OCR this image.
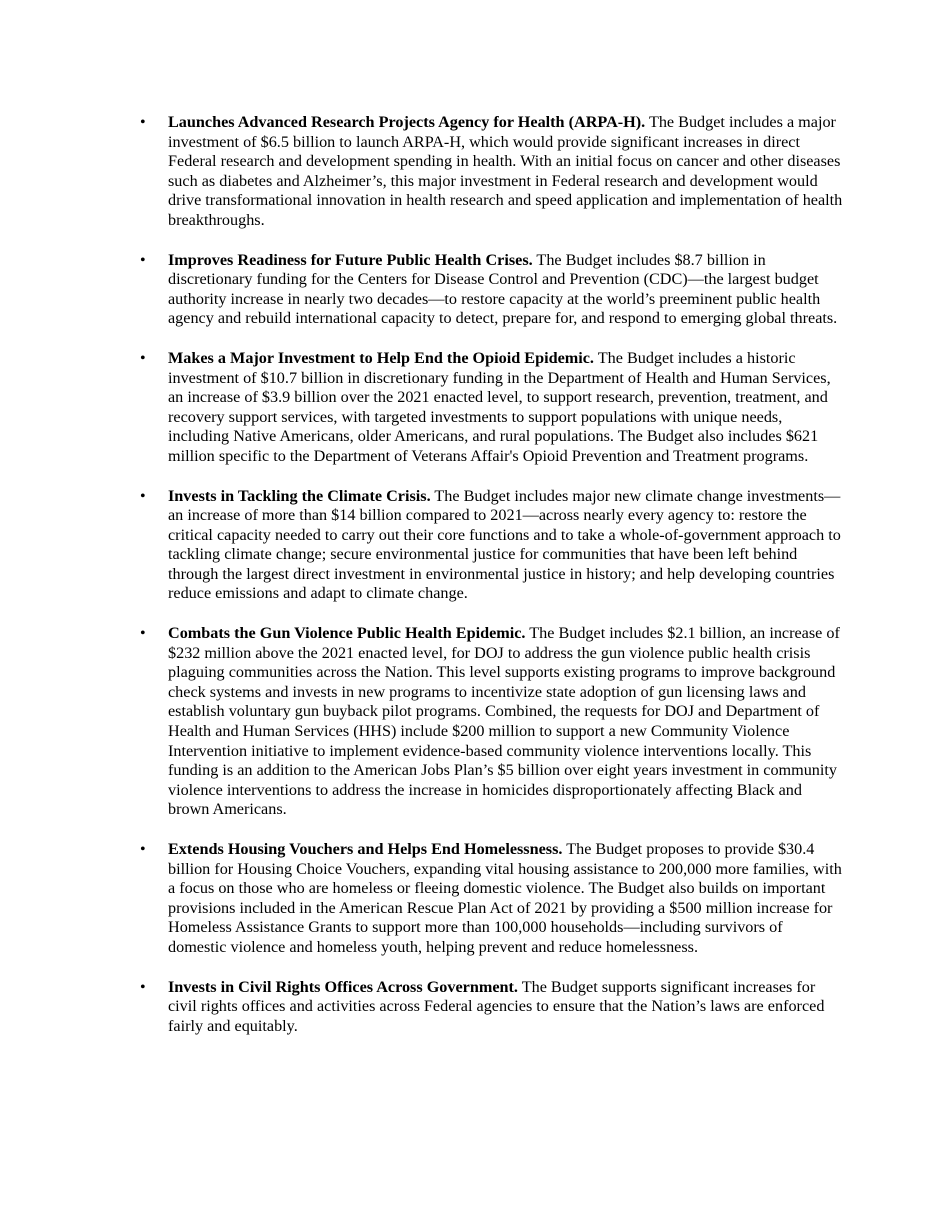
• Launches Advanced Research Projects Agency for Health (ARPA-H). The Budget includes a major investment of $6.5 billion to launch ARPA-H, which would provide significant increases in direct Federal research and development spending in health. With an initial focus on cancer and other diseases such as diabetes and Alzheimer’s, this major investment in Federal research and development would drive transformational innovation in health research and speed application and implementation of health breakthroughs.
• Improves Readiness for Future Public Health Crises. The Budget includes $8.7 billion in discretionary funding for the Centers for Disease Control and Prevention (CDC)—the largest budget authority increase in nearly two decades—to restore capacity at the world’s preeminent public health agency and rebuild international capacity to detect, prepare for, and respond to emerging global threats.
• Makes a Major Investment to Help End the Opioid Epidemic. The Budget includes a historic investment of $10.7 billion in discretionary funding in the Department of Health and Human Services, an increase of $3.9 billion over the 2021 enacted level, to support research, prevention, treatment, and recovery support services, with targeted investments to support populations with unique needs, including Native Americans, older Americans, and rural populations. The Budget also includes $621 million specific to the Department of Veterans Affair's Opioid Prevention and Treatment programs.
• Invests in Tackling the Climate Crisis. The Budget includes major new climate change investments—an increase of more than $14 billion compared to 2021—across nearly every agency to: restore the critical capacity needed to carry out their core functions and to take a whole-of-government approach to tackling climate change; secure environmental justice for communities that have been left behind through the largest direct investment in environmental justice in history; and help developing countries reduce emissions and adapt to climate change.
• Combats the Gun Violence Public Health Epidemic. The Budget includes $2.1 billion, an increase of $232 million above the 2021 enacted level, for DOJ to address the gun violence public health crisis plaguing communities across the Nation. This level supports existing programs to improve background check systems and invests in new programs to incentivize state adoption of gun licensing laws and establish voluntary gun buyback pilot programs. Combined, the requests for DOJ and Department of Health and Human Services (HHS) include $200 million to support a new Community Violence Intervention initiative to implement evidence-based community violence interventions locally. This funding is an addition to the American Jobs Plan’s $5 billion over eight years investment in community violence interventions to address the increase in homicides disproportionately affecting Black and brown Americans.
• Extends Housing Vouchers and Helps End Homelessness. The Budget proposes to provide $30.4 billion for Housing Choice Vouchers, expanding vital housing assistance to 200,000 more families, with a focus on those who are homeless or fleeing domestic violence. The Budget also builds on important provisions included in the American Rescue Plan Act of 2021 by providing a $500 million increase for Homeless Assistance Grants to support more than 100,000 households—including survivors of domestic violence and homeless youth, helping prevent and reduce homelessness.
• Invests in Civil Rights Offices Across Government. The Budget supports significant increases for civil rights offices and activities across Federal agencies to ensure that the Nation’s laws are enforced fairly and equitably.
